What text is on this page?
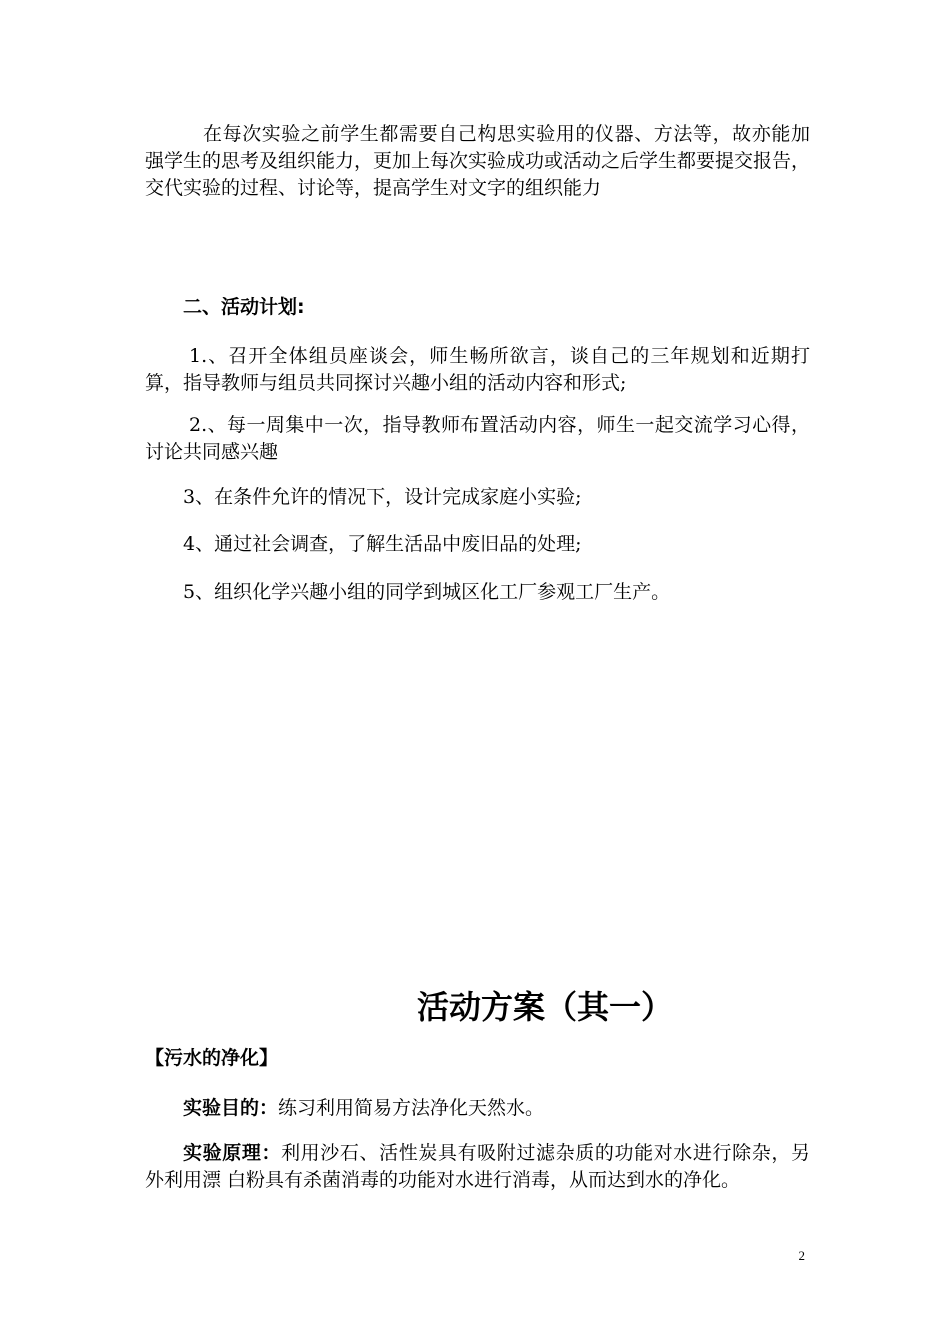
在每次实验之前学生都需要自己构思实验用的仪器、方法等，故亦能加强学生的思考及组织能力，更加上每次实验成功或活动之后学生都要提交报告，交代实验的过程、讨论等，提高学生对文字的组织能力
二、活动计划:
1.、召开全体组员座谈会，师生畅所欲言，谈自己的三年规划和近期打算，指导教师与组员共同探讨兴趣小组的活动内容和形式;
2.、每一周集中一次，指导教师布置活动内容，师生一起交流学习心得，讨论共同感兴趣
3、在条件允许的情况下，设计完成家庭小实验;
4、通过社会调查，了解生活品中废旧品的处理;
5、组织化学兴趣小组的同学到城区化工厂参观工厂生产。
活动方案（其一）
【污水的净化】
实验目的：练习利用简易方法净化天然水。
实验原理：利用沙石、活性炭具有吸附过滤杂质的功能对水进行除杂，另外利用漂 白粉具有杀菌消毒的功能对水进行消毒，从而达到水的净化。
2
